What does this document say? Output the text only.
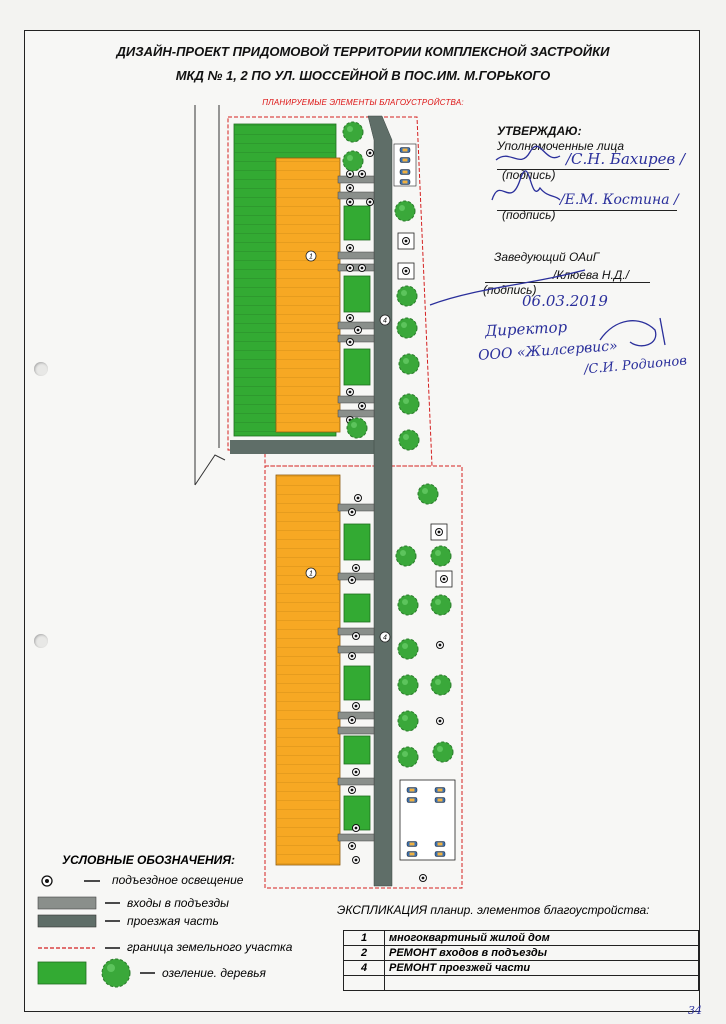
ДИЗАЙН-ПРОЕКТ ПРИДОМОВОЙ ТЕРРИТОРИИ КОМПЛЕКСНОЙ ЗАСТРОЙКИ
МКД № 1, 2 ПО УЛ. ШОССЕЙНОЙ В ПОС.ИМ. М.ГОРЬКОГО
ПЛАНИРУЕМЫЕ ЭЛЕМЕНТЫ БЛАГОУСТРОЙСТВА:
1
1
4
4
УТВЕРЖДАЮ:
Уполномоченные лица
/С.Н. Бахирев /
(подпись)
/Е.М. Костина /
(подпись)
Заведующий ОАиГ
/Клюева Н.Д./
(подпись)
06.03.2019
Директор
ООО «Жилсервис»
/С.И. Родионов
УСЛОВНЫЕ ОБОЗНАЧЕНИЯ:
подъездное освещение
входы в подъезды
проезжая часть
граница земельного участка
озеление. деревья
ЭКСПЛИКАЦИЯ планир. элементов благоустройства:
1	многоквартиный жилой дом
2	РЕМОНТ входов в подъезды
4	РЕМОНТ проезжей части

34
